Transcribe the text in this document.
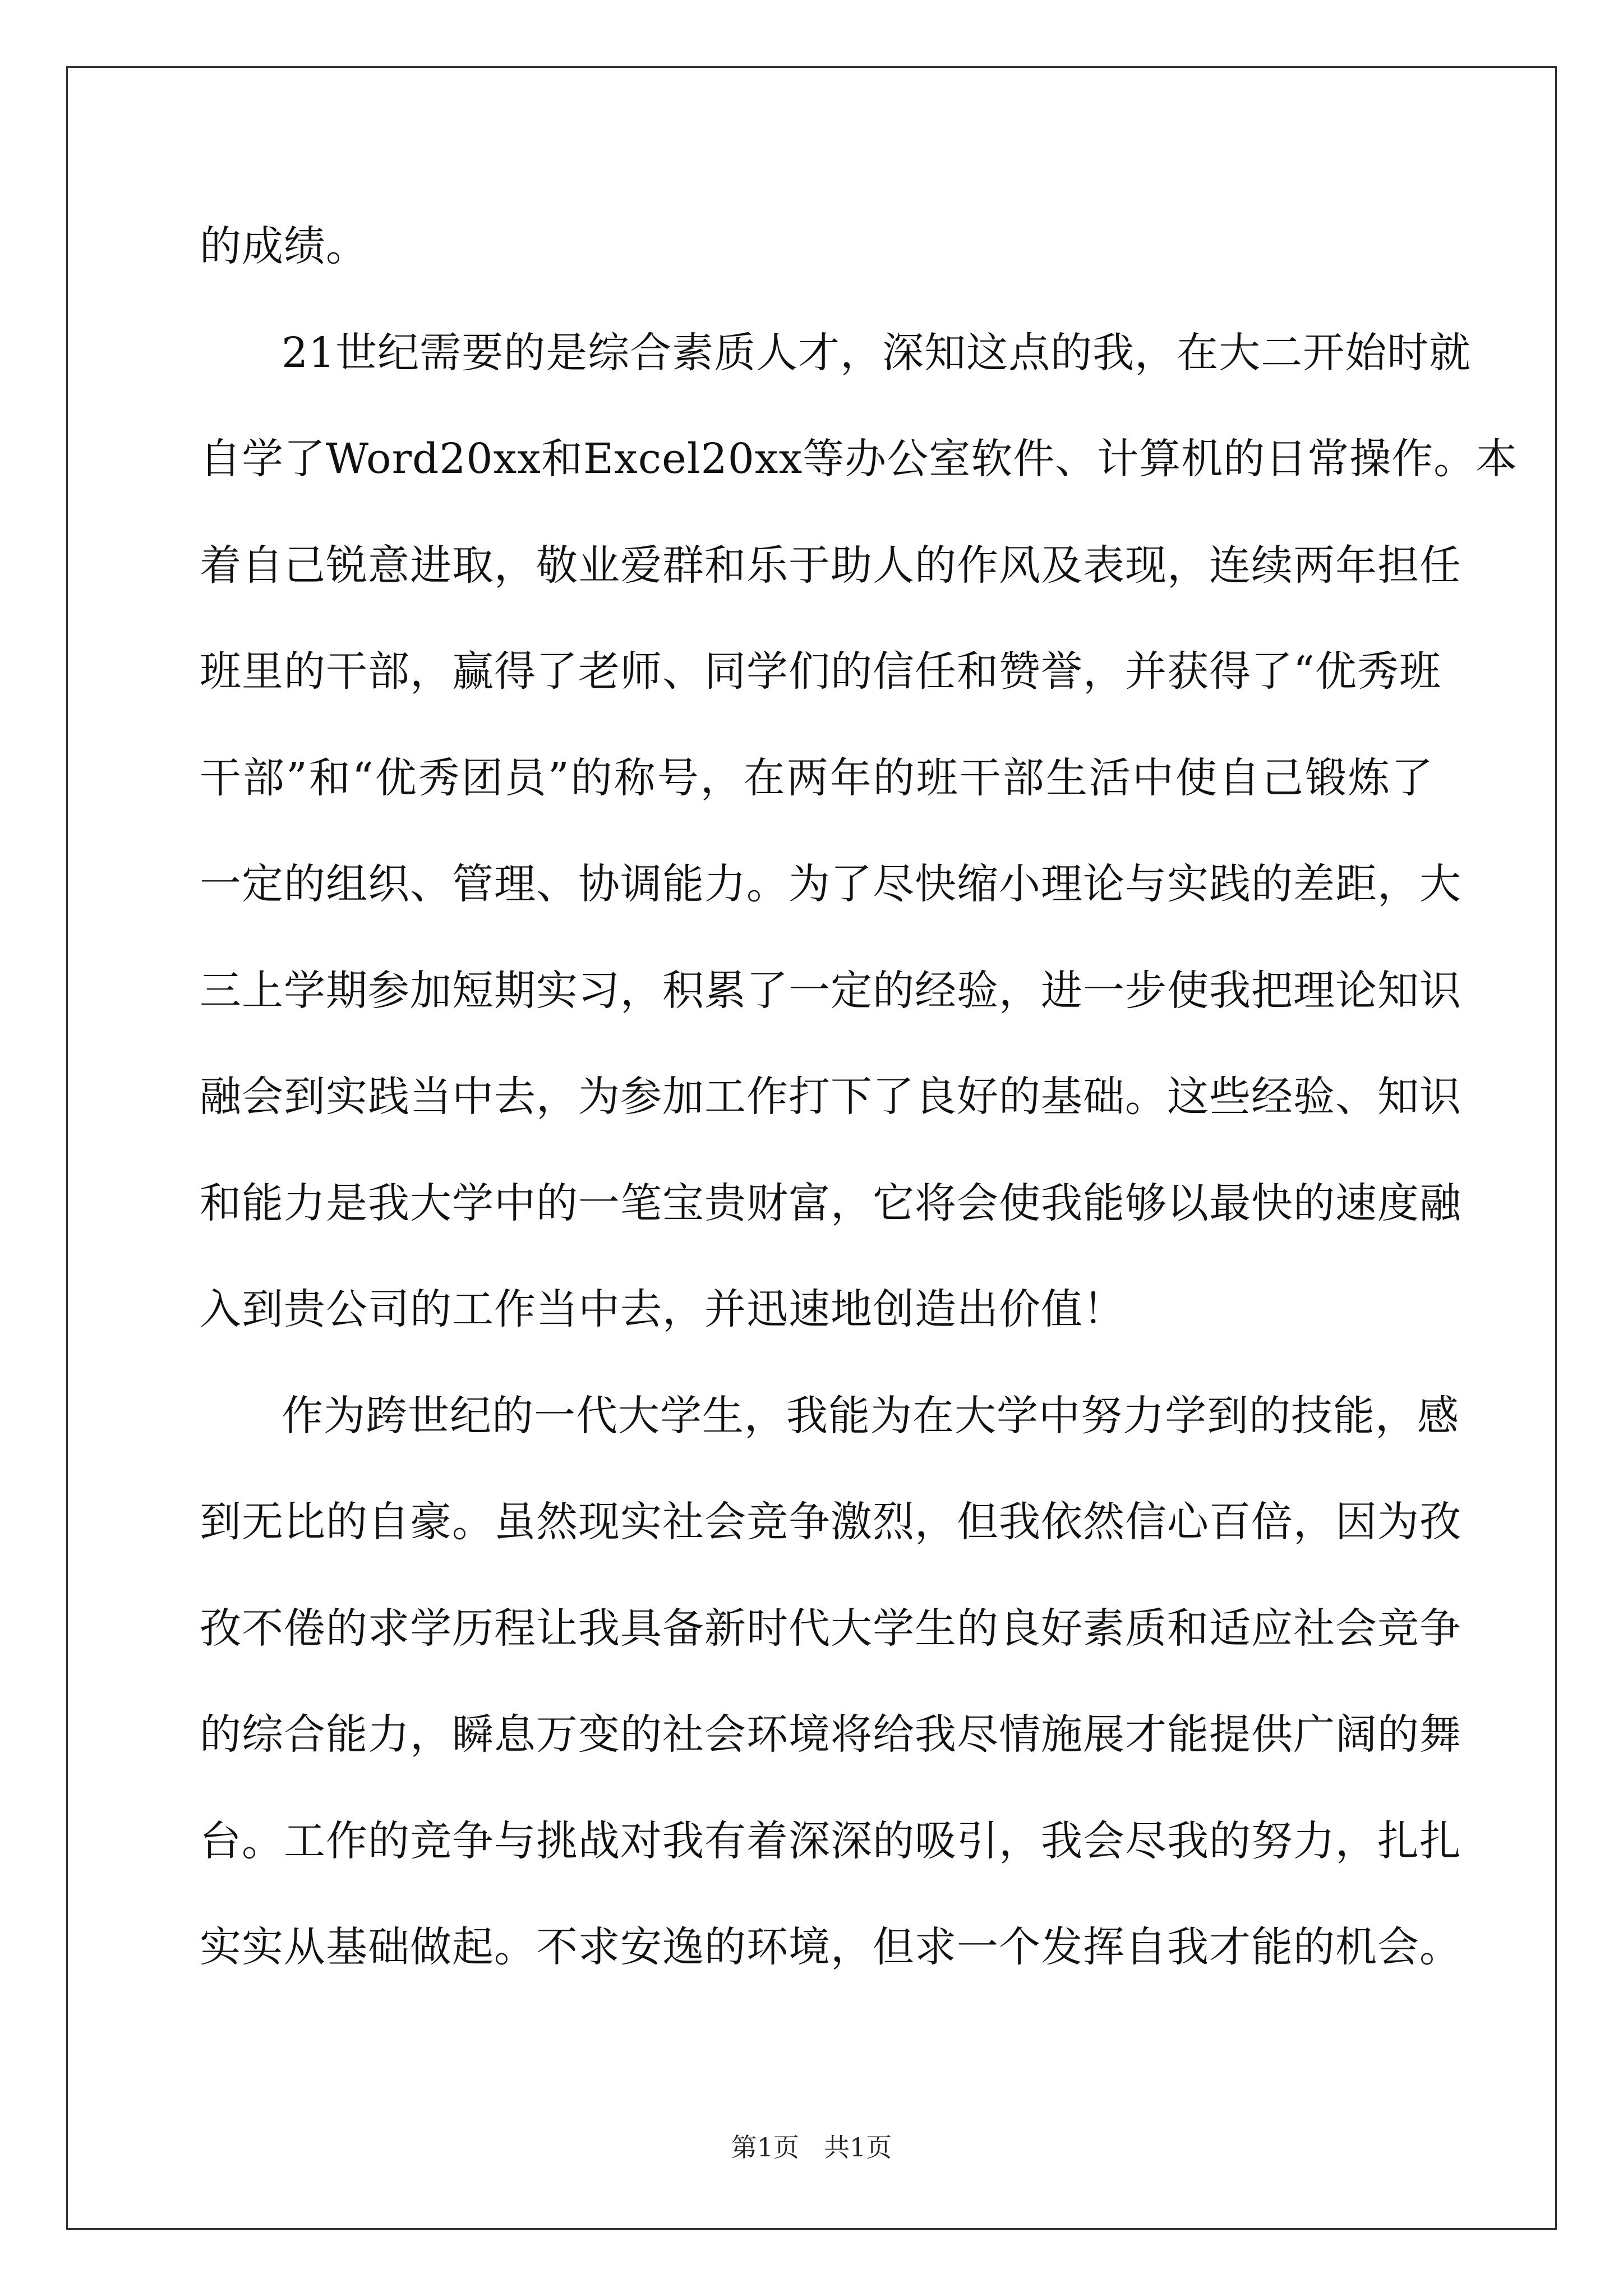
的成绩。
21世纪需要的是综合素质人才，深知这点的我，在大二开始时就
自学了Word20xx和Excel20xx等办公室软件、计算机的日常操作。本
着自己锐意进取，敬业爱群和乐于助人的作风及表现，连续两年担任
班里的干部，赢得了老师、同学们的信任和赞誉，并获得了“优秀班
干部”和“优秀团员”的称号，在两年的班干部生活中使自己锻炼了
一定的组织、管理、协调能力。为了尽快缩小理论与实践的差距，大
三上学期参加短期实习，积累了一定的经验，进一步使我把理论知识
融会到实践当中去，为参加工作打下了良好的基础。这些经验、知识
和能力是我大学中的一笔宝贵财富，它将会使我能够以最快的速度融
入到贵公司的工作当中去，并迅速地创造出价值！
作为跨世纪的一代大学生，我能为在大学中努力学到的技能，感
到无比的自豪。虽然现实社会竞争激烈，但我依然信心百倍，因为孜
孜不倦的求学历程让我具备新时代大学生的良好素质和适应社会竞争
的综合能力，瞬息万变的社会环境将给我尽情施展才能提供广阔的舞
台。工作的竞争与挑战对我有着深深的吸引，我会尽我的努力，扎扎
实实从基础做起。不求安逸的环境，但求一个发挥自我才能的机会。
第1页 共1页
